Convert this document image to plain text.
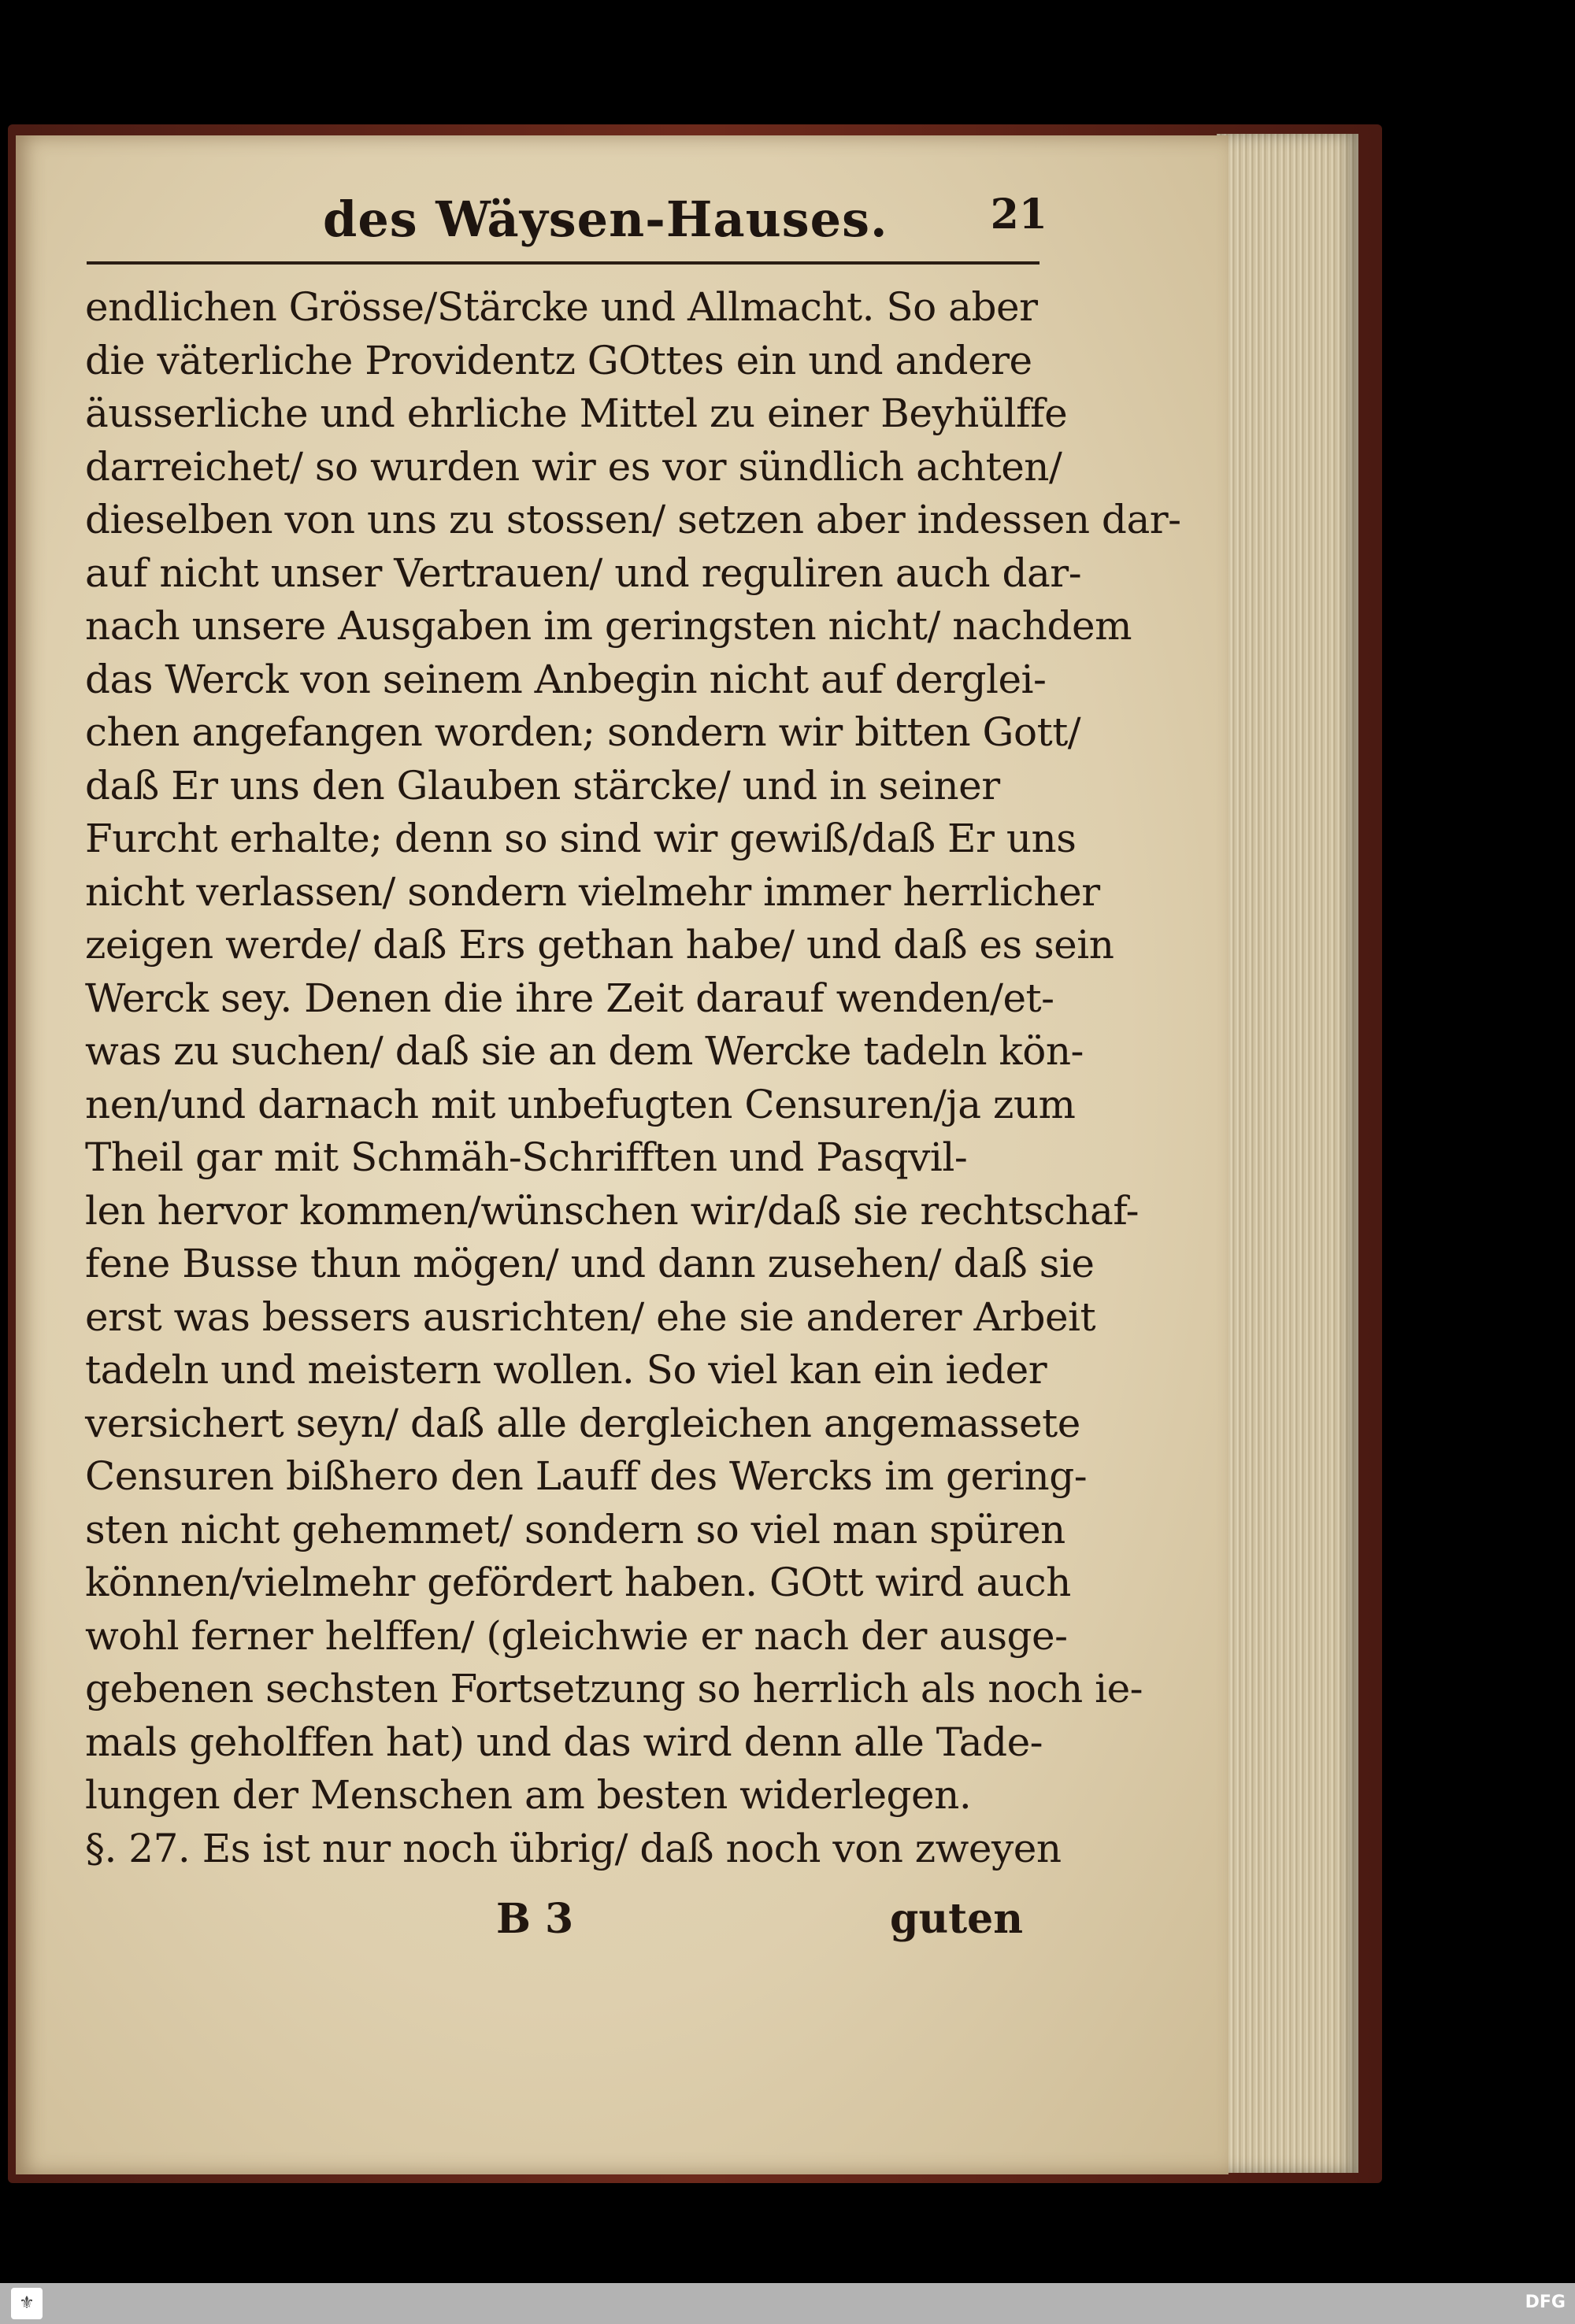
des Wäysen-Hauses.	21
endlichen Grösse/Stärcke und Allmacht. So aber
die väterliche Providentz GOttes ein und andere
äusserliche und ehrliche Mittel zu einer Beyhülffe
darreichet/ so wurden wir es vor sündlich achten/
dieselben von uns zu stossen/ setzen aber indessen dar-
auf nicht unser Vertrauen/ und reguliren auch dar-
nach unsere Ausgaben im geringsten nicht/ nachdem
das Werck von seinem Anbegin nicht auf derglei-
chen angefangen worden; sondern wir bitten Gott/
daß Er uns den Glauben stärcke/ und in seiner
Furcht erhalte; denn so sind wir gewiß/daß Er uns
nicht verlassen/ sondern vielmehr immer herrlicher
zeigen werde/ daß Ers gethan habe/ und daß es sein
Werck sey. Denen die ihre Zeit darauf wenden/et-
was zu suchen/ daß sie an dem Wercke tadeln kön-
nen/und darnach mit unbefugten Censuren/ja zum
Theil gar mit Schmäh-Schrifften und Pasqvil-
len hervor kommen/wünschen wir/daß sie rechtschaf-
fene Busse thun mögen/ und dann zusehen/ daß sie
erst was bessers ausrichten/ ehe sie anderer Arbeit
tadeln und meistern wollen. So viel kan ein ieder
versichert seyn/ daß alle dergleichen angemassete
Censuren bißhero den Lauff des Wercks im gering-
sten nicht gehemmet/ sondern so viel man spüren
können/vielmehr gefördert haben. GOtt wird auch
wohl ferner helffen/ (gleichwie er nach der ausge-
gebenen sechsten Fortsetzung so herrlich als noch ie-
mals geholffen hat) und das wird denn alle Tade-
lungen der Menschen am besten widerlegen.
§. 27. Es ist nur noch übrig/ daß noch von zweyen
B 3	guten
⚜	DFG
